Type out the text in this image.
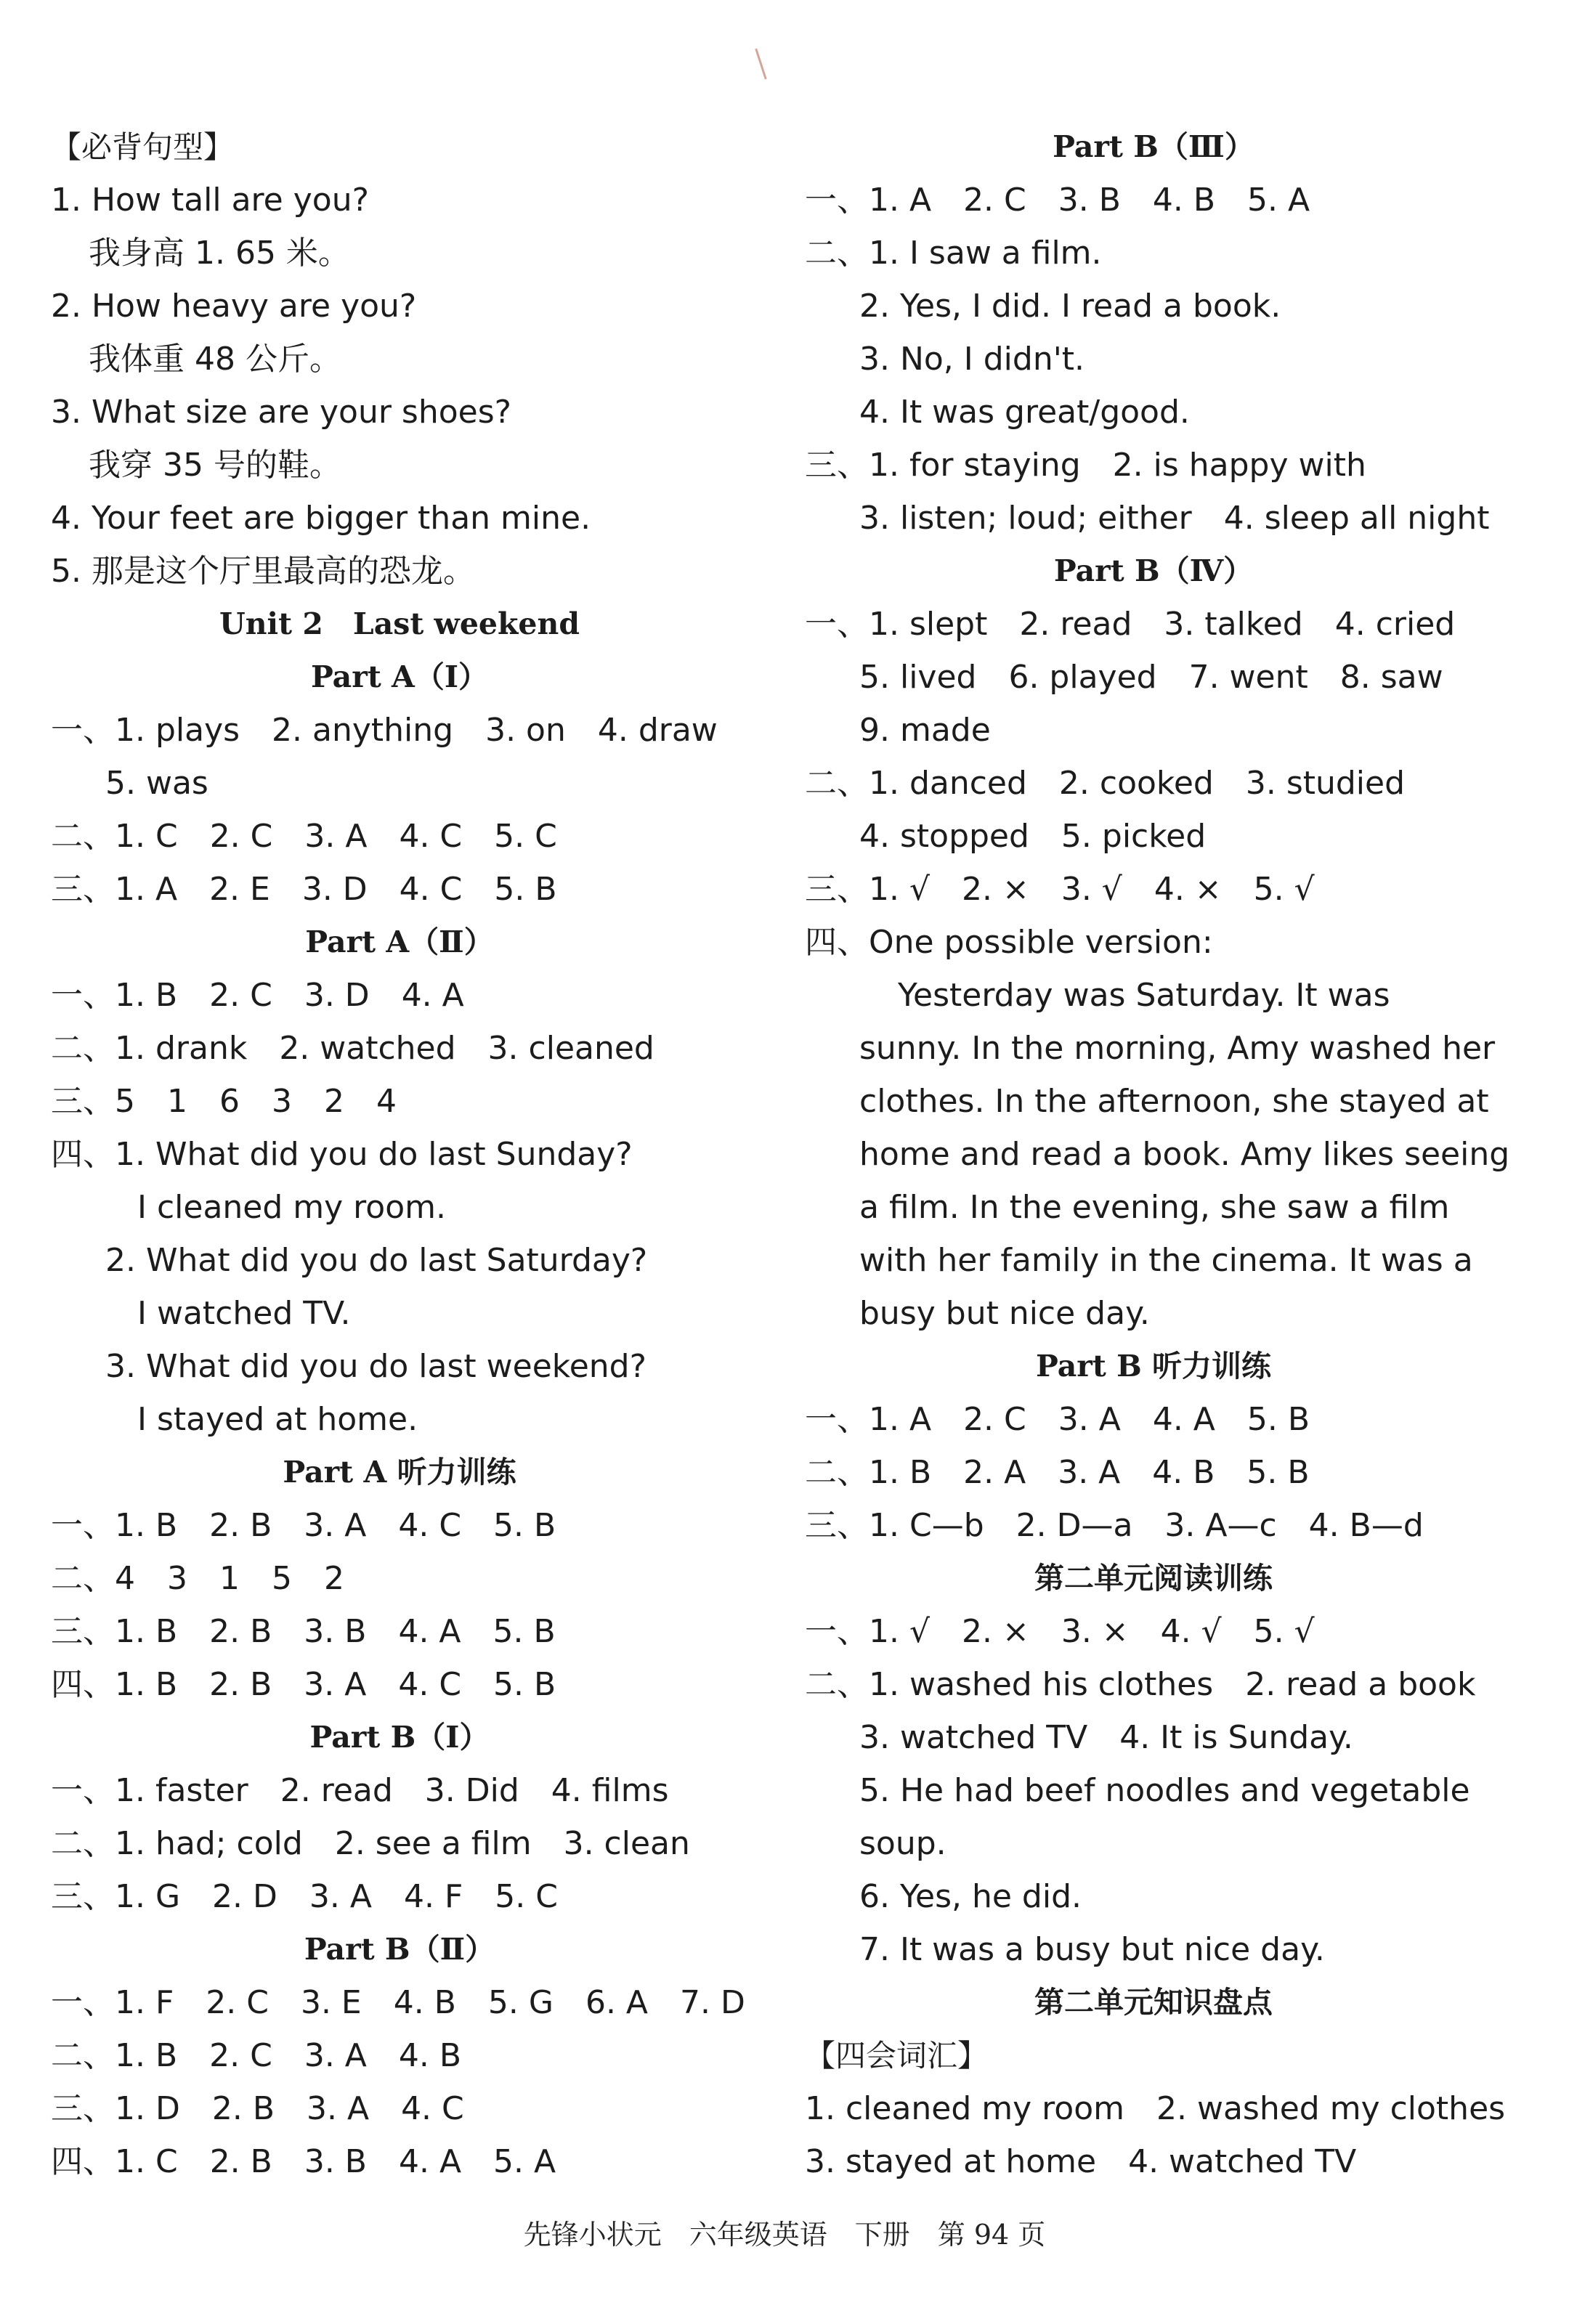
【必背句型】
1. How tall are you?
我身高 1. 65 米。
2. How heavy are you?
我体重 48 公斤。
3. What size are your shoes?
我穿 35 号的鞋。
4. Your feet are bigger than mine.
5. 那是这个厅里最高的恐龙。
Unit 2　Last weekend
Part A（Ⅰ）
一、1. plays　2. anything　3. on　4. draw
5. was
二、1. C　2. C　3. A　4. C　5. C
三、1. A　2. E　3. D　4. C　5. B
Part A（Ⅱ）
一、1. B　2. C　3. D　4. A
二、1. drank　2. watched　3. cleaned
三、5　1　6　3　2　4
四、1. What did you do last Sunday?
I cleaned my room.
2. What did you do last Saturday?
I watched TV.
3. What did you do last weekend?
I stayed at home.
Part A 听力训练
一、1. B　2. B　3. A　4. C　5. B
二、4　3　1　5　2
三、1. B　2. B　3. B　4. A　5. B
四、1. B　2. B　3. A　4. C　5. B
Part B（Ⅰ）
一、1. faster　2. read　3. Did　4. films
二、1. had; cold　2. see a film　3. clean
三、1. G　2. D　3. A　4. F　5. C
Part B（Ⅱ）
一、1. F　2. C　3. E　4. B　5. G　6. A　7. D
二、1. B　2. C　3. A　4. B
三、1. D　2. B　3. A　4. C
四、1. C　2. B　3. B　4. A　5. A
Part B（Ⅲ）
一、1. A　2. C　3. B　4. B　5. A
二、1. I saw a film.
2. Yes, I did. I read a book.
3. No, I didn't.
4. It was great/good.
三、1. for staying　2. is happy with
3. listen; loud; either　4. sleep all night
Part B（Ⅳ）
一、1. slept　2. read　3. talked　4. cried
5. lived　6. played　7. went　8. saw
9. made
二、1. danced　2. cooked　3. studied
4. stopped　5. picked
三、1. √　2. ×　3. √　4. ×　5. √
四、One possible version:
Yesterday was Saturday. It was
sunny. In the morning, Amy washed her
clothes. In the afternoon, she stayed at
home and read a book. Amy likes seeing
a film. In the evening, she saw a film
with her family in the cinema. It was a
busy but nice day.
Part B 听力训练
一、1. A　2. C　3. A　4. A　5. B
二、1. B　2. A　3. A　4. B　5. B
三、1. C—b　2. D—a　3. A—c　4. B—d
第二单元阅读训练
一、1. √　2. ×　3. ×　4. √　5. √
二、1. washed his clothes　2. read a book
3. watched TV　4. It is Sunday.
5. He had beef noodles and vegetable
soup.
6. Yes, he did.
7. It was a busy but nice day.
第二单元知识盘点
【四会词汇】
1. cleaned my room　2. washed my clothes
3. stayed at home　4. watched TV
先锋小状元　六年级英语　下册　第 94 页
